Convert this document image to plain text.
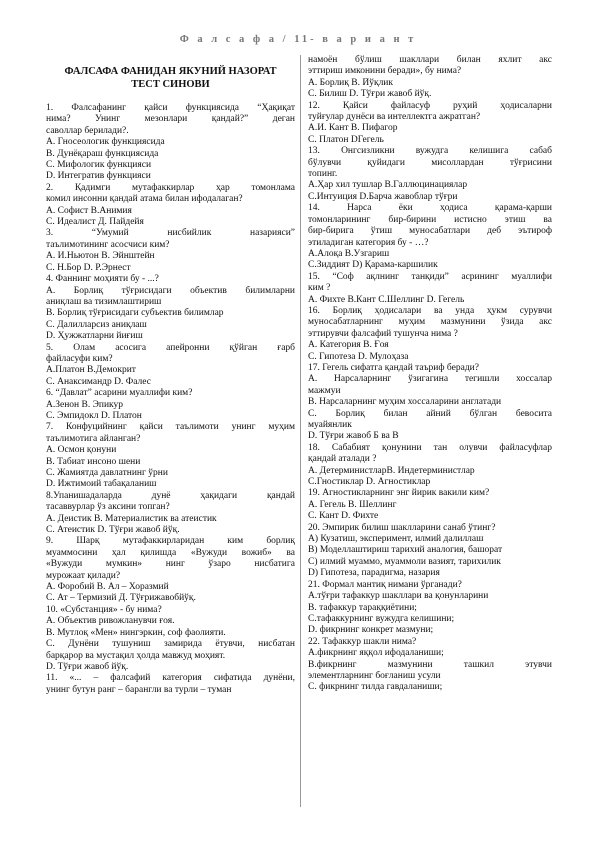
Ф а л с а ф а / 11- в а р и а н т
ФАЛСАФА ФАНИДАН ЯКУНИЙ НАЗОРАТ
ТЕСТ СИНОВИ
1. Фалсафанинг қайси функциясида “Ҳақиқат
нима? Унинг мезонлари қандай?” деган
саволлар берилади?.
А. Гносеологик функциясида
B. Дунёқараш функциясида
C. Мифологик функцияси
D. Интегратив функцияси
2. Қадимги мутафаккирлар ҳар томонлама
комил инсонни қандай атама билан ифодалаган?
А. Софист В.Анимия
С. Идеалист Д. Пайдейя
3. “Умумий нисбийлик назарияси”
таълимотининг асосчиси ким?
А. И.Ньютон В. Эйнштейн
С. Н.Бор D. Р.Эрнест
4. Фаннинг моҳияти бу - ...?
А. Борлиқ тўғрисидаги объектив билимларни
аниқлаш ва тизимлаштириш
В. Борлиқ тўғрисидаги субъектив билимлар
С. Далилларсиз аниқлаш
D. Ҳужжатларни йиғиш
5. Олам асосига апейронни қўйган ғарб
файласуфи ким?
А.Платон В.Демокрит
С. Анаксимандр D. Фалес
6. “Давлат” асарини муаллифи ким?
А.Зенон В. Эпикур
С. Эмпидокл D. Платон
7. Конфуцийнинг қайси таълимоти унинг муҳим
таълимотига айланган?
А. Осмон қонуни
В. Табиат инсоно шени
С. Жамиятда давлатнинг ўрни
D. Ижтимоий табақаланиш
8.Упанишадаларда дунё ҳақидаги қандай
тасаввурлар ўз аксини топган?
А. Деистик В. Материалистик ва атеистик
С. Атеистик D. Тўғри жавоб йўқ.
9. Шарқ мутафаккирларидан ким борлиқ
муаммосини ҳал қилишда «Вужуди вожиб» ва
«Вужуди мумкин» нинг ўзаро нисбатига
мурожаат қилади?
А. Форобий В. Ал – Хоразмий
С. Ат – Термизий Д. Тўғрижавобйўқ.
10. «Субстанция» - бу нима?
А. Объектив ривожланувчи ғоя.
В. Мутлоқ «Мен» нингэркин, соф фаолияти.
С. Дунёни тушуниш замирида ётувчи, нисбатан
барқарор ва мустақил ҳолда мавжуд моҳият.
D. Тўғри жавоб йўқ.
11. «... – фалсафий категория сифатида дунёни,
унинг бутун ранг – бaрангли ва турли – туман
намоён бўлиш шакллари билан яхлит акс
эттириш имконини беради», бу нима?
А. Борлиқ В. Йўқлик
С. Билиш D. Тўғри жавоб йўқ.
12. Қайси файласуф руҳий ҳодисаларни
туйғулар дунёси ва интеллектга ажратган?
А.И. Кант В. Пифагор
С. Платон DГегель
13. Онгсизликни вужудга келишига сабаб
бўлувчи қуйидаги мисоллардан тўғрисини
топинг.
А.Ҳар хил тушлар В.Галлюцинациялар
С.Интуиция D.Барча жавоблар тўғри
14. Нарса ёки ҳодиса қарама-қарши
томонларининг бир-бирини истисно этиш ва
бир-бирига ўтиш муносабатлари деб эътироф
этиладиган категория бу - …?
А.Алоқа В.Ўзгариш
С.Зиддият D) Қарама-каршилик
15. “Соф ақлнинг танқиди” асрининг муаллифи
ким ?
А. Фихте В.Кант С.Шеллинг D. Гегель
16. Борлиқ ҳодисалари ва унда ҳукм сурувчи
муносабатларнинг муҳим мазмунини ўзида акс
эттирувчи фалсафий тушунча нима ?
А. Категория В. Ғоя
С. Гипотеза D. Мулоҳаза
17. Гегель сифатга қандай таъриф беради?
А. Нарсаларнинг ўзигагина тегишли хоссалар
мажмуи
В. Нарсаларнинг муҳим хоссаларини англатади
С. Борлиқ билан айний бўлган бевосита
муайянлик
D. Тўғри жавоб Б ва В
18. Сабабият қонунини тан олувчи файласуфлар
қандай аталади ?
А. ДетерминистларВ. Индетерминистлар
С.Гностиклар D. Агностиклар
19. Агностикларнинг энг йирик вакили ким?
А. Гегель В. Шеллинг
С. Кант D. Фихте
20. Эмпирик билиш шаклларини санаб ўтинг?
А) Кузатиш, эксперимент, илмий далиллаш
В) Моделлаштириш тарихий аналогия, башорат
С) илмий муаммо, муаммоли вазият, тарихилик
D) Гипотеза, парадигма, назария
21. Формал мантиқ нимани ўрганади?
А.тўғри тафаккур шакллари ва қонунларини
В. тафаккур тараққиётини;
С.тафаккурнинг вужудга келишини;
D. фикрнинг конкрет мазмуни;
22. Тафаккур шакли нима?
А.фикрнинг яққол ифодаланиши;
В.фикрнинг мазмунини ташкил этувчи
элементларнинг боғланиш усули
С. фикрнинг тилда гавдаланиши;
